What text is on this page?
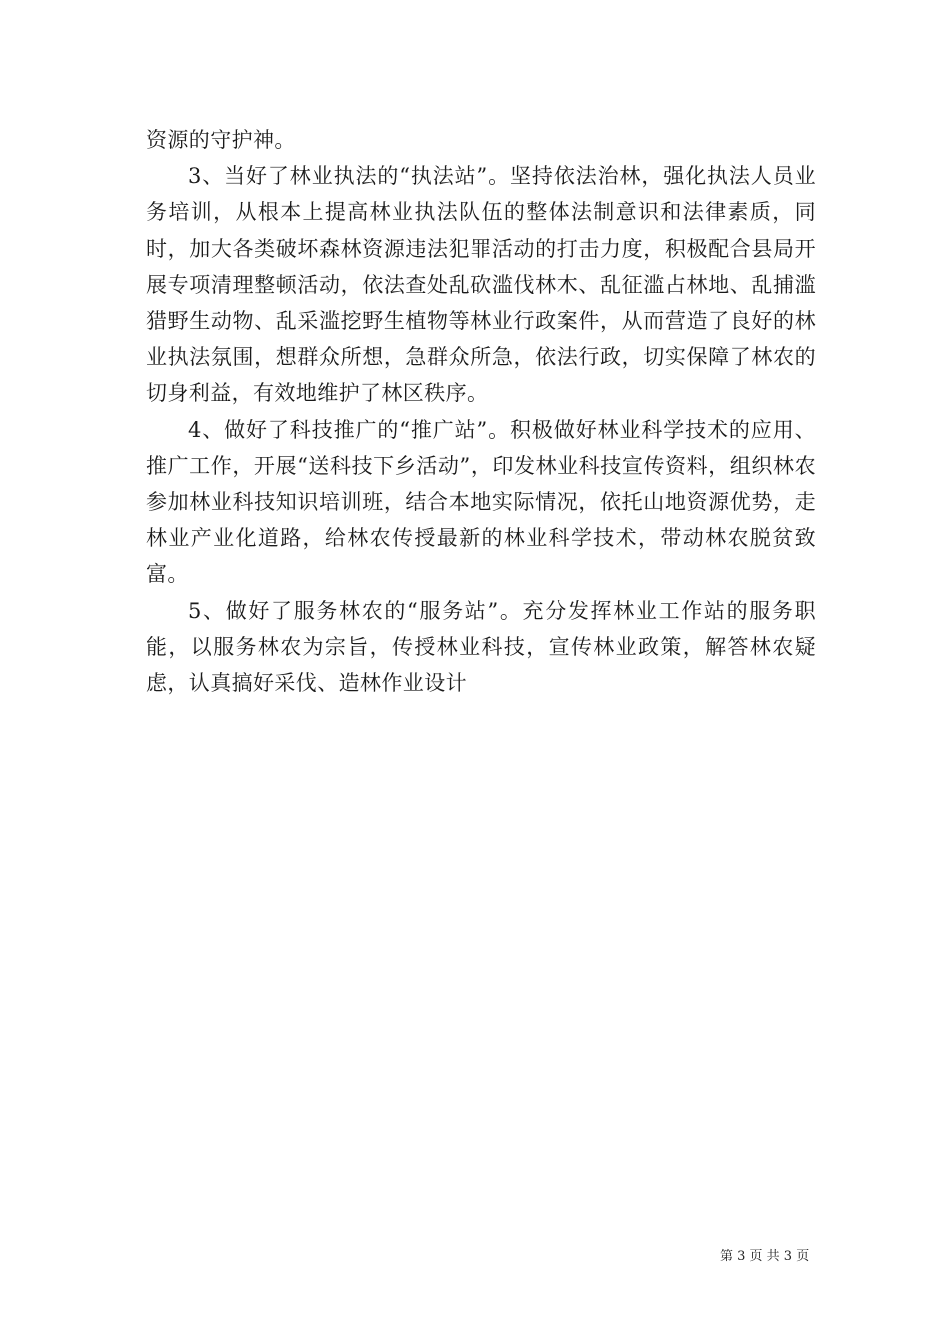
资源的守护神。

3、当好了林业执法的“执法站”。坚持依法治林，强化执法人员业务培训，从根本上提高林业执法队伍的整体法制意识和法律素质，同时，加大各类破坏森林资源违法犯罪活动的打击力度，积极配合县局开展专项清理整顿活动，依法查处乱砍滥伐林木、乱征滥占林地、乱捕滥猎野生动物、乱采滥挖野生植物等林业行政案件，从而营造了良好的林业执法氛围，想群众所想，急群众所急，依法行政，切实保障了林农的切身利益，有效地维护了林区秩序。

4、做好了科技推广的“推广站”。积极做好林业科学技术的应用、推广工作，开展“送科技下乡活动”，印发林业科技宣传资料，组织林农参加林业科技知识培训班，结合本地实际情况，依托山地资源优势，走林业产业化道路，给林农传授最新的林业科学技术，带动林农脱贫致富。

5、做好了服务林农的“服务站”。充分发挥林业工作站的服务职能，以服务林农为宗旨，传授林业科技，宣传林业政策，解答林农疑虑，认真搞好采伐、造林作业设计

第 3 页 共 3 页
